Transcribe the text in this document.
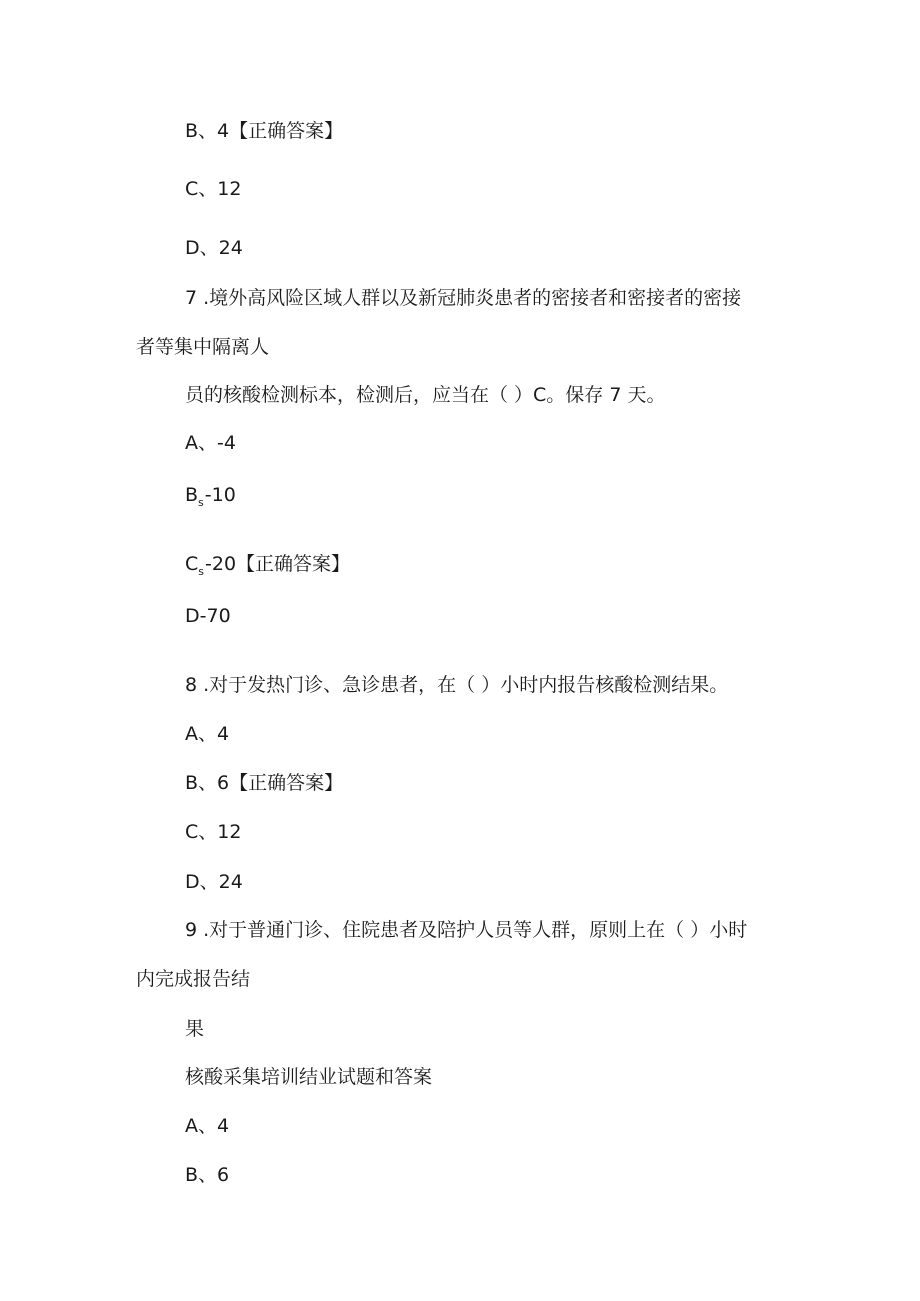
B、4【正确答案】

C、12

D、24

7 .境外高风险区域人群以及新冠肺炎患者的密接者和密接者的密接

者等集中隔离人

员的核酸检测标本，检测后，应当在（ ）C。保存 7 天。

A、-4

$B_s-10$

$C_s-20$【正确答案】

D-70

8 .对于发热门诊、急诊患者，在（ ）小时内报告核酸检测结果。

A、4

B、6【正确答案】

C、12

D、24

9 .对于普通门诊、住院患者及陪护人员等人群，原则上在（ ）小时

内完成报告结

果

核酸采集培训结业试题和答案

A、4

B、6
